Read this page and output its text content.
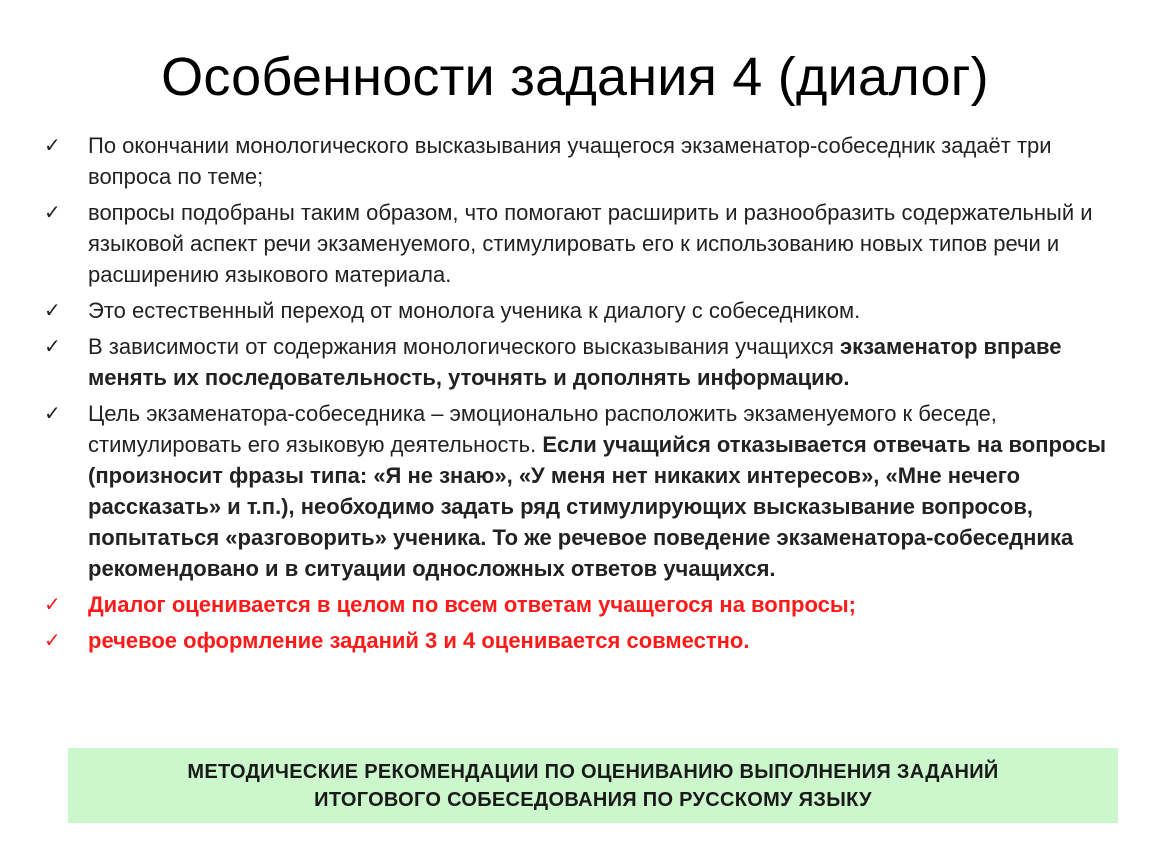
Особенности задания 4 (диалог)
✓ По окончании монологического высказывания учащегося экзаменатор-собеседник задаёт три вопроса по теме;
✓ вопросы подобраны таким образом, что помогают расширить и разнообразить содержательный и языковой аспект речи экзаменуемого, стимулировать его к использованию новых типов речи и расширению языкового материала.
✓ Это естественный переход от монолога ученика к диалогу с собеседником.
✓ В зависимости от содержания монологического высказывания учащихся экзаменатор вправе менять их последовательность, уточнять и дополнять информацию.
✓ Цель экзаменатора-собеседника – эмоционально расположить экзаменуемого к беседе, стимулировать его языковую деятельность. Если учащийся отказывается отвечать на вопросы (произносит фразы типа: «Я не знаю», «У меня нет никаких интересов», «Мне нечего рассказать» и т.п.), необходимо задать ряд стимулирующих высказывание вопросов, попытаться «разговорить» ученика. То же речевое поведение экзаменатора-собеседника рекомендовано и в ситуации односложных ответов учащихся.
✓ Диалог оценивается в целом по всем ответам учащегося на вопросы;
✓ речевое оформление заданий 3 и 4 оценивается совместно.
МЕТОДИЧЕСКИЕ РЕКОМЕНДАЦИИ ПО ОЦЕНИВАНИЮ ВЫПОЛНЕНИЯ ЗАДАНИЙ
ИТОГОВОГО СОБЕСЕДОВАНИЯ ПО РУССКОМУ ЯЗЫКУ
